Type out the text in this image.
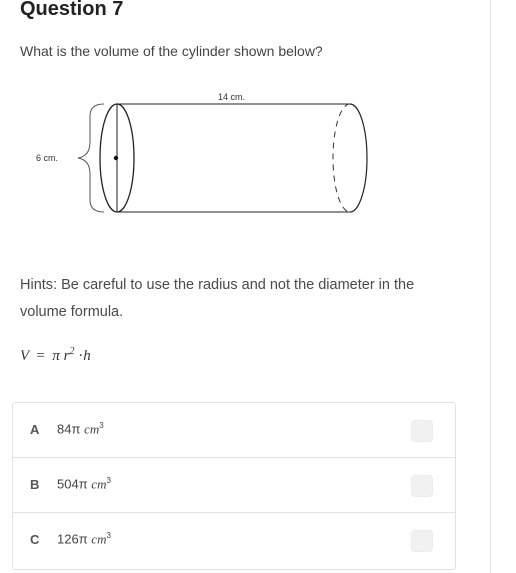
Question 7
What is the volume of the cylinder shown below?
14 cm.
6 cm.
Hints: Be careful to use the radius and not the diameter in the volume formula.
V = π $r^2 \cdot h$
A 84π $cm^3$
B 504π $cm^3$
C 126π $cm^3$
